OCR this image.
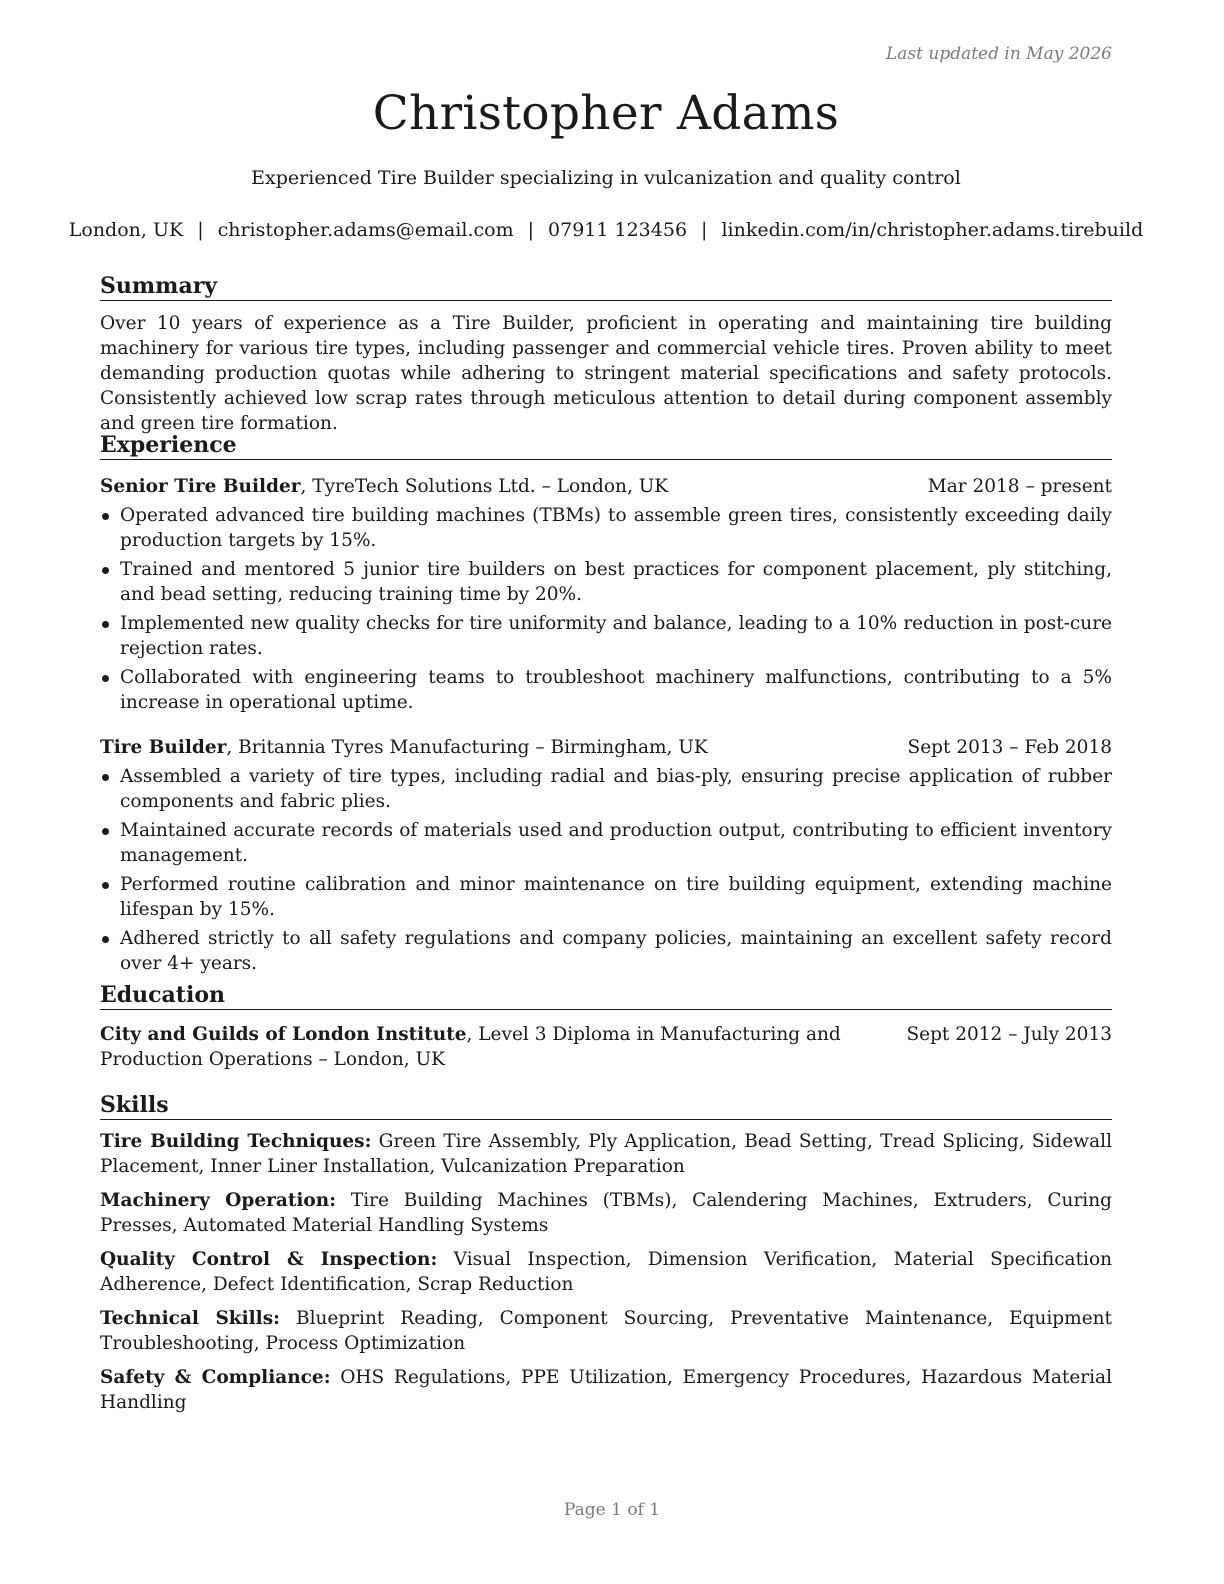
Last updated in May 2026
Christopher Adams
Experienced Tire Builder specializing in vulcanization and quality control
London, UK | christopher.adams@email.com | 07911 123456 | linkedin.com/in/christopher.adams.tirebuild
Summary
Over 10 years of experience as a Tire Builder, proficient in operating and maintaining tire building machinery for various tire types, including passenger and commercial vehicle tires. Proven ability to meet demanding production quotas while adhering to stringent material specifications and safety protocols. Consistently achieved low scrap rates through meticulous attention to detail during component assembly and green tire formation.
Experience
Senior Tire Builder, TyreTech Solutions Ltd. – London, UK	Mar 2018 – present
Operated advanced tire building machines (TBMs) to assemble green tires, consistently exceeding daily production targets by 15%.
Trained and mentored 5 junior tire builders on best practices for component placement, ply stitching, and bead setting, reducing training time by 20%.
Implemented new quality checks for tire uniformity and balance, leading to a 10% reduction in post-cure rejection rates.
Collaborated with engineering teams to troubleshoot machinery malfunctions, contributing to a 5% increase in operational uptime.
Tire Builder, Britannia Tyres Manufacturing – Birmingham, UK	Sept 2013 – Feb 2018
Assembled a variety of tire types, including radial and bias-ply, ensuring precise application of rubber components and fabric plies.
Maintained accurate records of materials used and production output, contributing to efficient inventory management.
Performed routine calibration and minor maintenance on tire building equipment, extending machine lifespan by 15%.
Adhered strictly to all safety regulations and company policies, maintaining an excellent safety record over 4+ years.
Education
City and Guilds of London Institute, Level 3 Diploma in Manufacturing and Production Operations – London, UK
Sept 2012 – July 2013
Skills
Tire Building Techniques: Green Tire Assembly, Ply Application, Bead Setting, Tread Splicing, Sidewall Placement, Inner Liner Installation, Vulcanization Preparation
Machinery Operation: Tire Building Machines (TBMs), Calendering Machines, Extruders, Curing Presses, Automated Material Handling Systems
Quality Control & Inspection: Visual Inspection, Dimension Verification, Material Specification Adherence, Defect Identification, Scrap Reduction
Technical Skills: Blueprint Reading, Component Sourcing, Preventative Maintenance, Equipment Troubleshooting, Process Optimization
Safety & Compliance: OHS Regulations, PPE Utilization, Emergency Procedures, Hazardous Material Handling
Page 1 of 1
